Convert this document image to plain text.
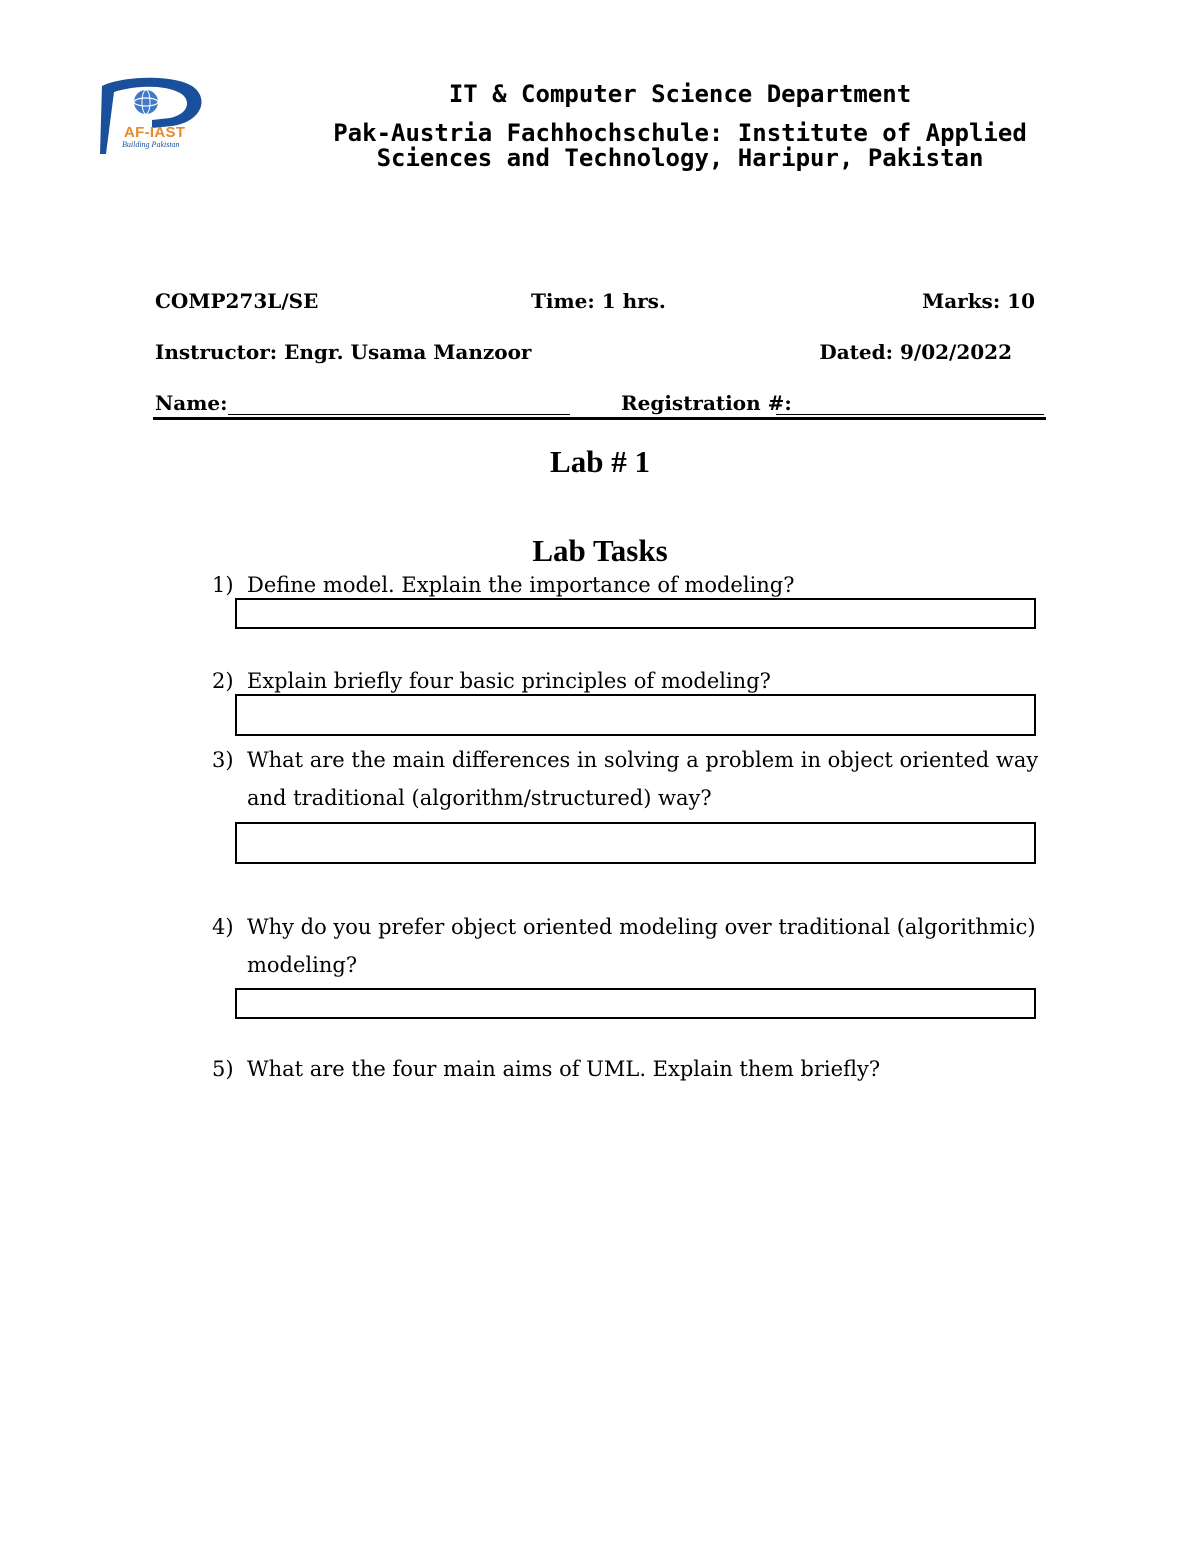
AF-IAST
Building Pakistan
IT & Computer Science Department
Pak-Austria Fachhochschule: Institute of Applied
Sciences and Technology, Haripur, Pakistan
COMP273L/SE	Time: 1 hrs.	Marks: 10
Instructor: Engr. Usama Manzoor	Dated: 9/02/2022
Name:	Registration #:
Lab # 1
Lab Tasks
1) Define model. Explain the importance of modeling?
2) Explain briefly four basic principles of modeling?
3) What are the main differences in solving a problem in object oriented way
and traditional (algorithm/structured) way?
4) Why do you prefer object oriented modeling over traditional (algorithmic)
modeling?
5) What are the four main aims of UML. Explain them briefly?
